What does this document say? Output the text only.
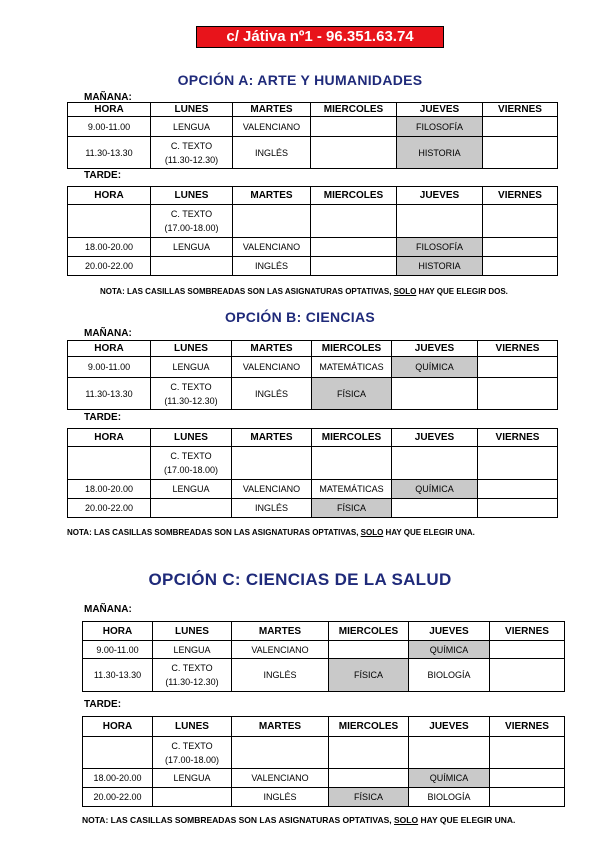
c/ Játiva nº1 - 96.351.63.74
OPCIÓN A: ARTE Y HUMANIDADES
MAÑANA:
HORA	LUNES	MARTES	MIERCOLES	JUEVES	VIERNES
9.00-11.00	LENGUA	VALENCIANO		FILOSOFÍA	
11.30-13.30	C. TEXTO
(11.30-12.30)	INGLÉS		HISTORIA	
TARDE:
HORA	LUNES	MARTES	MIERCOLES	JUEVES	VIERNES

	C. TEXTO
(17.00-18.00)				

18.00-20.00	LENGUA	VALENCIANO		FILOSOFÍA	
20.00-22.00		INGLÉS		HISTORIA	
NOTA: LAS CASILLAS SOMBREADAS SON LAS ASIGNATURAS OPTATIVAS, SOLO HAY QUE ELEGIR DOS.
OPCIÓN B: CIENCIAS
MAÑANA:
HORA	LUNES	MARTES	MIERCOLES	JUEVES	VIERNES
9.00-11.00	LENGUA	VALENCIANO	MATEMÁTICAS	QUÍMICA	
11.30-13.30	C. TEXTO
(11.30-12.30)	INGLÉS	FÍSICA		
TARDE:
HORA	LUNES	MARTES	MIERCOLES	JUEVES	VIERNES

	C. TEXTO
(17.00-18.00)				

18.00-20.00	LENGUA	VALENCIANO	MATEMÁTICAS	QUÍMICA	
20.00-22.00		INGLÉS	FÍSICA		
NOTA: LAS CASILLAS SOMBREADAS SON LAS ASIGNATURAS OPTATIVAS, SOLO HAY QUE ELEGIR UNA.
OPCIÓN C: CIENCIAS DE LA SALUD
MAÑANA:
HORA	LUNES	MARTES	MIERCOLES	JUEVES	VIERNES
9.00-11.00	LENGUA	VALENCIANO		QUÍMICA	
11.30-13.30	C. TEXTO
(11.30-12.30)	INGLÉS	FÍSICA	BIOLOGÍA	
TARDE:
HORA	LUNES	MARTES	MIERCOLES	JUEVES	VIERNES

	C. TEXTO
(17.00-18.00)				

18.00-20.00	LENGUA	VALENCIANO		QUÍMICA	
20.00-22.00		INGLÉS	FÍSICA	BIOLOGÍA	
NOTA: LAS CASILLAS SOMBREADAS SON LAS ASIGNATURAS OPTATIVAS, SOLO HAY QUE ELEGIR UNA.
